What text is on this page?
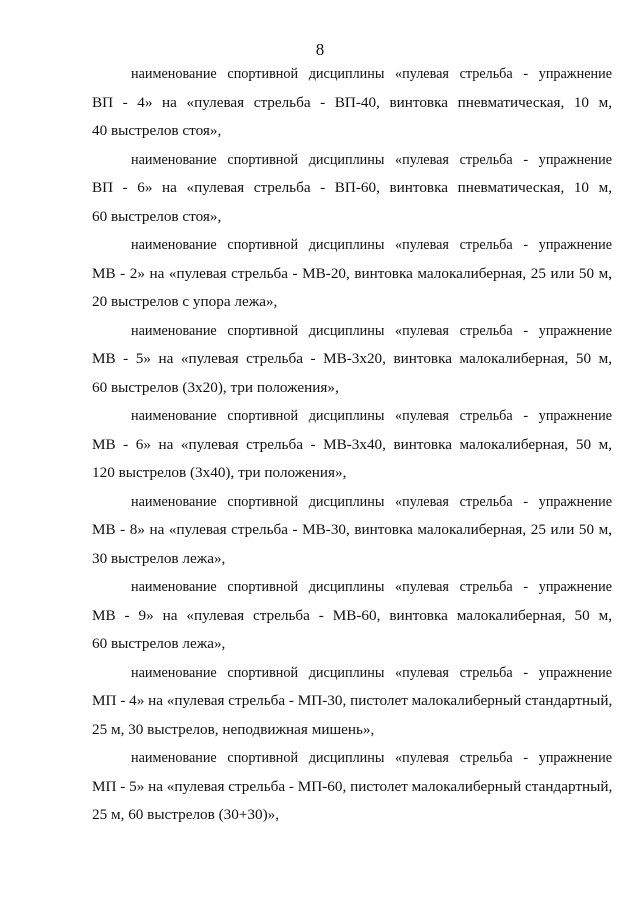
8

наименование спортивной дисциплины «пулевая стрельба - упражнение
ВП - 4» на «пулевая стрельба - ВП-40, винтовка пневматическая, 10 м,
40 выстрелов стоя»,

наименование спортивной дисциплины «пулевая стрельба - упражнение
ВП - 6» на «пулевая стрельба - ВП-60, винтовка пневматическая, 10 м,
60 выстрелов стоя»,

наименование спортивной дисциплины «пулевая стрельба - упражнение
МВ - 2» на «пулевая стрельба - МВ-20, винтовка малокалиберная, 25 или 50 м,
20 выстрелов с упора лежа»,

наименование спортивной дисциплины «пулевая стрельба - упражнение
МВ - 5» на «пулевая стрельба - МВ-3x20, винтовка малокалиберная, 50 м,
60 выстрелов (3x20), три положения»,

наименование спортивной дисциплины «пулевая стрельба - упражнение
МВ - 6» на «пулевая стрельба - МВ-3x40, винтовка малокалиберная, 50 м,
120 выстрелов (3x40), три положения»,

наименование спортивной дисциплины «пулевая стрельба - упражнение
МВ - 8» на «пулевая стрельба - МВ-30, винтовка малокалиберная, 25 или 50 м,
30 выстрелов лежа»,

наименование спортивной дисциплины «пулевая стрельба - упражнение
МВ - 9» на «пулевая стрельба - МВ-60, винтовка малокалиберная, 50 м,
60 выстрелов лежа»,

наименование спортивной дисциплины «пулевая стрельба - упражнение
МП - 4» на «пулевая стрельба - МП-30, пистолет малокалиберный стандартный,
25 м, 30 выстрелов, неподвижная мишень»,

наименование спортивной дисциплины «пулевая стрельба - упражнение
МП - 5» на «пулевая стрельба - МП-60, пистолет малокалиберный стандартный,
25 м, 60 выстрелов (30+30)»,
